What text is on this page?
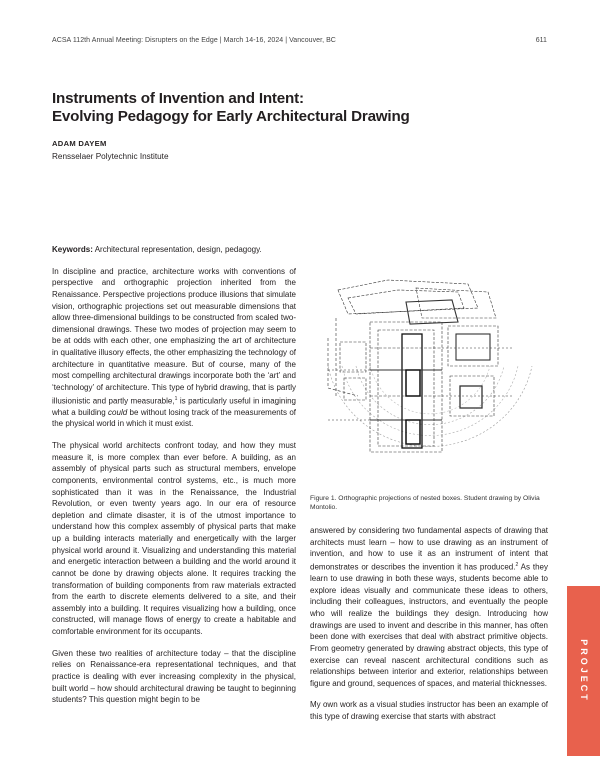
ACSA 112th Annual Meeting: Disrupters on the Edge | March 14-16, 2024 | Vancouver, BC	611
Instruments of Invention and Intent:
Evolving Pedagogy for Early Architectural Drawing
ADAM DAYEM
Rensselaer Polytechnic Institute

Keywords: Architectural representation, design, pedagogy.

In discipline and practice, architecture works with conventions of perspective and orthographic projection inherited from the Renaissance. Perspective projections produce illusions that simulate vision, orthographic projections set out measurable dimensions that allow three-dimensional buildings to be constructed from scaled two-dimensional drawings. These two modes of projection may seem to be at odds with each other, one emphasizing the art of architecture in qualitative illusory effects, the other emphasizing the technology of architecture in quantitative measure. But of course, many of the most compelling architectural drawings incorporate both the ‘art’ and ‘technology’ of architecture. This type of hybrid drawing, that is partly illusionistic and partly measurable,$^1$ is particularly useful in imagining what a building could be without losing track of the measurements of the physical world in which it must exist.

The physical world architects confront today, and how they must measure it, is more complex than ever before. A building, as an assembly of physical parts such as structural members, envelope components, environmental control systems, etc., is much more sophisticated than it was in the Renaissance, the Industrial Revolution, or even twenty years ago. In our era of resource depletion and climate disaster, it is of the utmost importance to understand how this complex assembly of physical parts that make up a building interacts materially and energetically with the larger physical world around it. Visualizing and understanding this material and energetic interaction between a building and the world around it cannot be done by drawing objects alone. It requires tracking the transformation of building components from raw materials extracted from the earth to discrete elements delivered to a site, and their assembly into a building. It requires visualizing how a building, once constructed, will manage flows of energy to create a habitable and comfortable environment for its occupants.

Given these two realities of architecture today – that the discipline relies on Renaissance-era representational techniques, and that practice is dealing with ever increasing complexity in the physical, built world – how should architectural drawing be taught to beginning students? This question might begin to be

Figure 1. Orthographic projections of nested boxes. Student drawing by Olivia Montolio.

answered by considering two fundamental aspects of drawing that architects must learn – how to use drawing as an instrument of invention, and how to use it as an instrument of intent that demonstrates or describes the invention it has produced.$^2$ As they learn to use drawing in both these ways, students become able to explore ideas visually and communicate these ideas to others, including their colleagues, instructors, and eventually the people who will realize the buildings they design. Introducing how drawings are used to invent and describe in this manner, has often been done with exercises that deal with abstract primitive objects. From geometry generated by drawing abstract objects, this type of exercise can reveal nascent architectural conditions such as relationships between interior and exterior, relationships between figure and ground, sequences of spaces, and material thicknesses.

My own work as a visual studies instructor has been an example of this type of drawing exercise that starts with abstract

PROJECT
